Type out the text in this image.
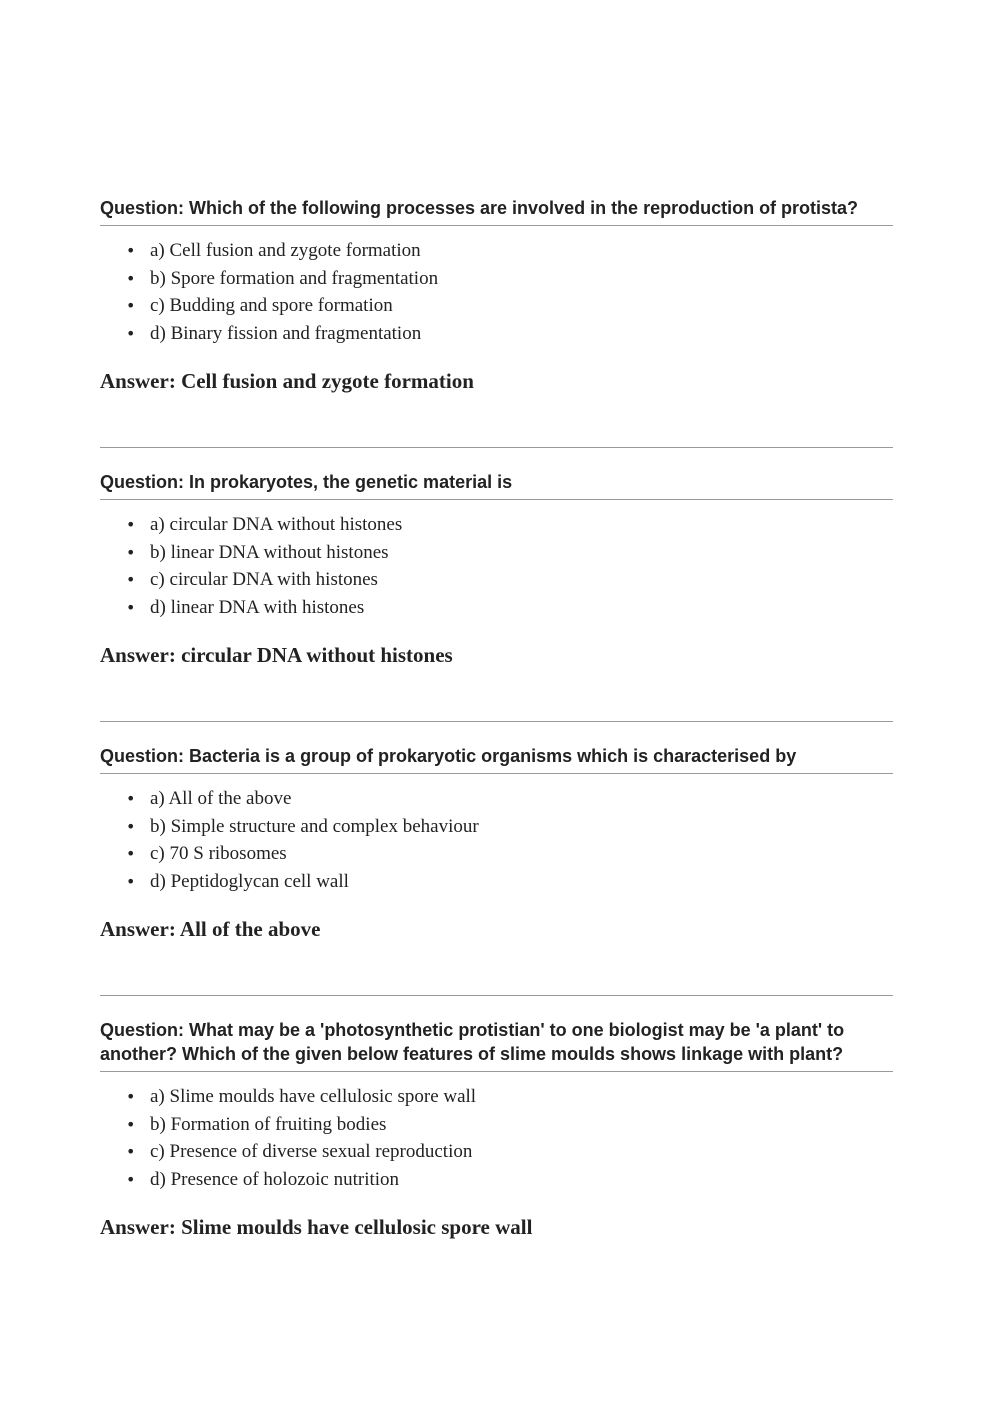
Question: Which of the following processes are involved in the reproduction of protista?
• a) Cell fusion and zygote formation
• b) Spore formation and fragmentation
• c) Budding and spore formation
• d) Binary fission and fragmentation

Answer: Cell fusion and zygote formation

Question: In prokaryotes, the genetic material is
• a) circular DNA without histones
• b) linear DNA without histones
• c) circular DNA with histones
• d) linear DNA with histones

Answer: circular DNA without histones

Question: Bacteria is a group of prokaryotic organisms which is characterised by
• a) All of the above
• b) Simple structure and complex behaviour
• c) 70 S ribosomes
• d) Peptidoglycan cell wall

Answer: All of the above

Question: What may be a 'photosynthetic protistian' to one biologist may be 'a plant' to another? Which of the given below features of slime moulds shows linkage with plant?
• a) Slime moulds have cellulosic spore wall
• b) Formation of fruiting bodies
• c) Presence of diverse sexual reproduction
• d) Presence of holozoic nutrition

Answer: Slime moulds have cellulosic spore wall
